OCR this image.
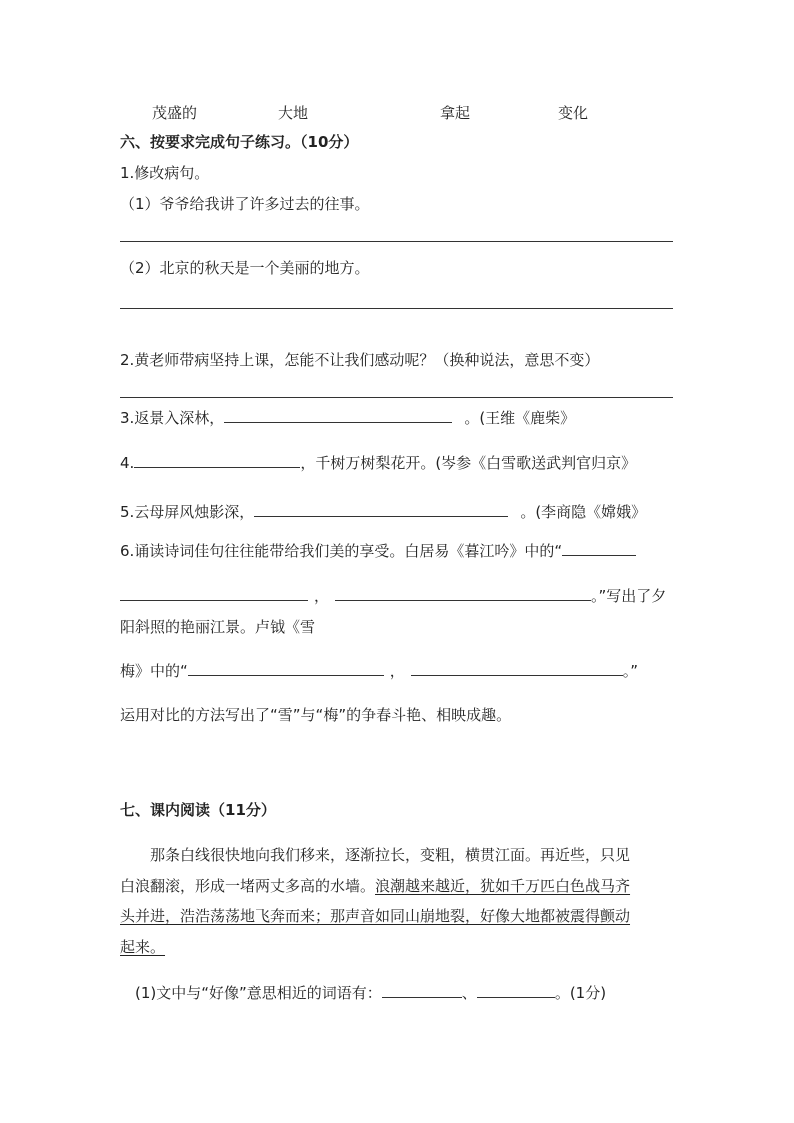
茂盛的	大地	拿起	变化
六、按要求完成句子练习。（10分）
1.修改病句。
（1）爷爷给我讲了许多过去的往事。
（2）北京的秋天是一个美丽的地方。
2.黄老师带病坚持上课，怎能不让我们感动呢？（换种说法，意思不变）
3.返景入深林，	。(王维《鹿柴》
4.	，千树万树梨花开。(岑参《白雪歌送武判官归京》
5.云母屏风烛影深，	。(李商隐《嫦娥》
6.诵读诗词佳句往往能带给我们美的享受。白居易《暮江吟》中的“
，	。”写出了夕
阳斜照的艳丽江景。卢钺《雪
梅》中的“	，	。”
运用对比的方法写出了“雪”与“梅”的争春斗艳、相映成趣。
七、课内阅读（11分）
那条白线很快地向我们移来，逐渐拉长，变粗，横贯江面。再近些，只见
白浪翻滚，形成一堵两丈多高的水墙。浪潮越来越近，犹如千万匹白色战马齐
头并进，浩浩荡荡地飞奔而来；那声音如同山崩地裂，好像大地都被震得颤动
起来。
(1)文中与“好像”意思相近的词语有：	、	。(1分)
